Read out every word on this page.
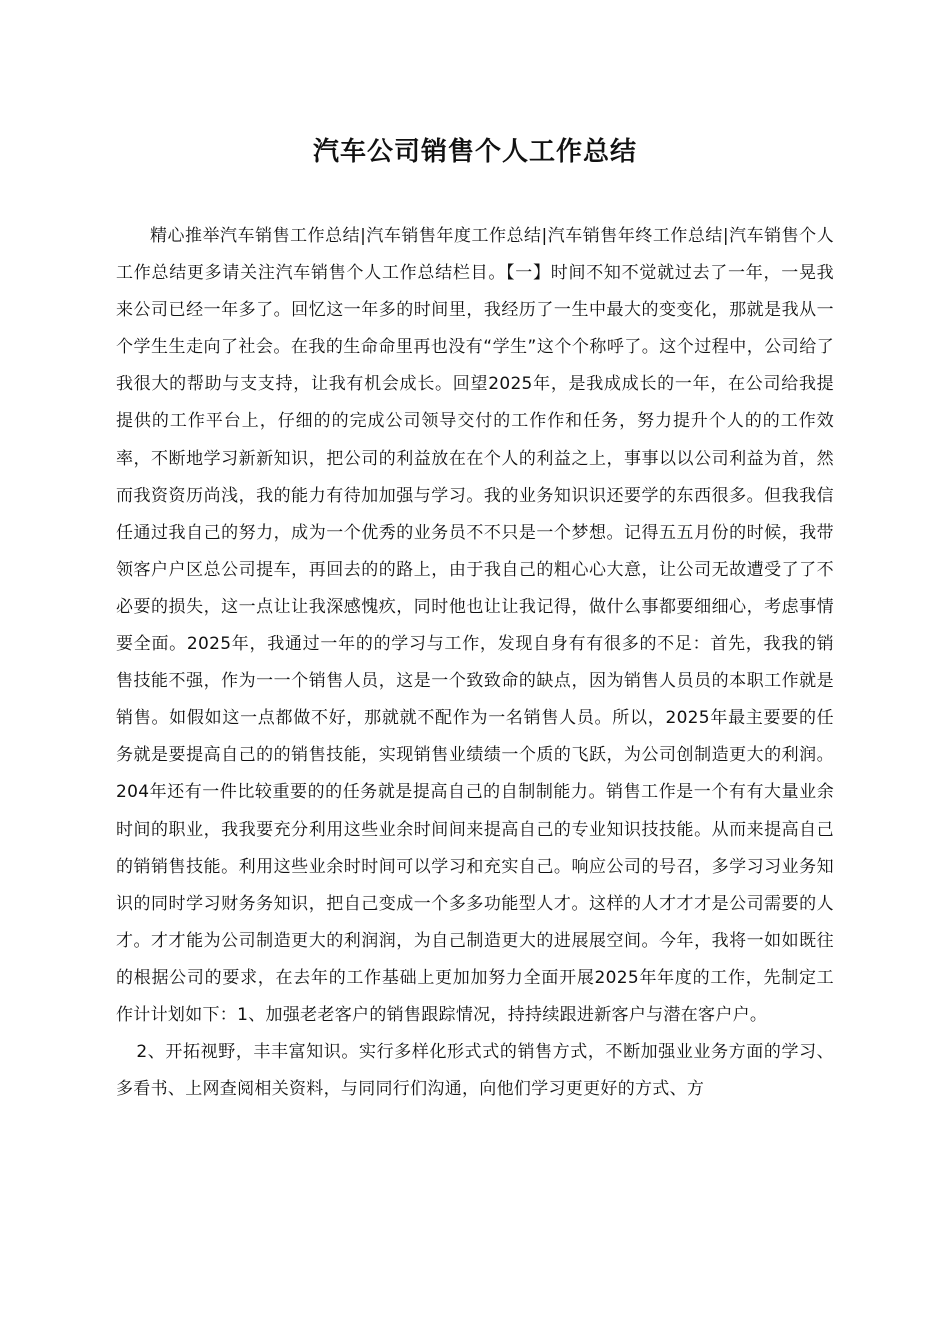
汽车公司销售个人工作总结

精心推举汽车销售工作总结|汽车销售年度工作总结|汽车销售年终工作总结|汽车销售个人工作总结更多请关注汽车销售个人工作总结栏目。【一】时间不知不觉就过去了一年，一晃我来公司已经一年多了。回忆这一年多的时间里，我经历了一生中最大的变变化，那就是我从一个学生生走向了社会。在我的生命命里再也没有“学生”这个个称呼了。这个过程中，公司给了我很大的帮助与支支持，让我有机会成长。回望2025年，是我成成长的一年，在公司给我提提供的工作平台上，仔细的的完成公司领导交付的工作作和任务，努力提升个人的的工作效率，不断地学习新新知识，把公司的利益放在在个人的利益之上，事事以以公司利益为首，然而我资资历尚浅，我的能力有待加加强与学习。我的业务知识识还要学的东西很多。但我我信任通过我自己的努力，成为一个优秀的业务员不不只是一个梦想。记得五五月份的时候，我带领客户户区总公司提车，再回去的的路上，由于我自己的粗心心大意，让公司无故遭受了了不必要的损失，这一点让让我深感愧疚，同时他也让让我记得，做什么事都要细细心，考虑事情要全面。2025年，我通过一年的的学习与工作，发现自身有有很多的不足：首先，我我的销售技能不强，作为一一个销售人员，这是一个致致命的缺点，因为销售人员员的本职工作就是销售。如假如这一点都做不好，那就就不配作为一名销售人员。所以，2025年最主要要的任务就是要提高自己的的销售技能，实现销售业绩绩一个质的飞跃，为公司创制造更大的利润。204年还有一件比较重要的的任务就是提高自己的自制制能力。销售工作是一个有有大量业余时间的职业，我我要充分利用这些业余时间间来提高自己的专业知识技技能。从而来提高自己的销销售技能。利用这些业余时时间可以学习和充实自己。响应公司的号召，多学习习业务知识的同时学习财务务知识，把自己变成一个多多功能型人才。这样的人才才才是公司需要的人才。才才能为公司制造更大的利润润，为自己制造更大的进展展空间。今年，我将一如如既往的根据公司的要求，在去年的工作基础上更加加努力全面开展2025年年度的工作，先制定工作计计划如下：1、加强老老客户的销售跟踪情况，持持续跟进新客户与潜在客户户。

2、开拓视野，丰丰富知识。实行多样化形式式的销售方式，不断加强业业务方面的学习、多看书、上网查阅相关资料，与同同行们沟通，向他们学习更更好的方式、方
